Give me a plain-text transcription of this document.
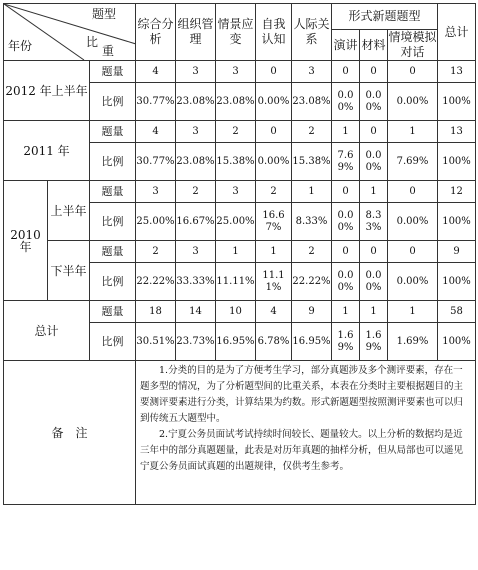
题型
年份 比
重			综合分析	组织管理	情景应变	自我认知	人际关系	形式新题题型			总计
								演讲	材料	情境模拟对话	
2012 年上半年		题量	4	3	3	0	3	0	0	0	13
		比例	30.77%	23.08%	23.08%	0.00%	23.08%	0.00%	0.00%	0.00%	100%
2011 年		题量	4	3	2	0	2	1	0	1	13
		比例	30.77%	23.08%	15.38%	0.00%	15.38%	7.69%	0.00%	7.69%	100%
2010 年	上半年	题量	3	2	3	2	1	0	1	0	12
		比例	25.00%	16.67%	25.00%	16.67%	8.33%	0.00%	8.33%	0.00%	100%
	下半年	题量	2	3	1	1	2	0	0	0	9
		比例	22.22%	33.33%	11.11%	11.11%	22.22%	0.00%	0.00%	0.00%	100%
总计		题量	18	14	10	4	9	1	1	1	58
		比例	30.51%	23.73%	16.95%	6.78%	16.95%	1.69%	1.69%	1.69%	100%
备　注			1.分类的目的是为了方便考生学习，部分真题涉及多个测评要素，存在一题多型的情况，为了分析题型间的比重关系，本表在分类时主要根据题目的主要测评要素进行分类，计算结果为约数。形式新题题型按照测评要素也可以归到传统五大题型中。

2.宁夏公务员面试考试持续时间较长、题量较大。以上分析的数据均是近三年中的部分真题题量，此表是对历年真题的抽样分析，但从局部也可以遥见宁夏公务员面试真题的出题规律，仅供考生参考。								
